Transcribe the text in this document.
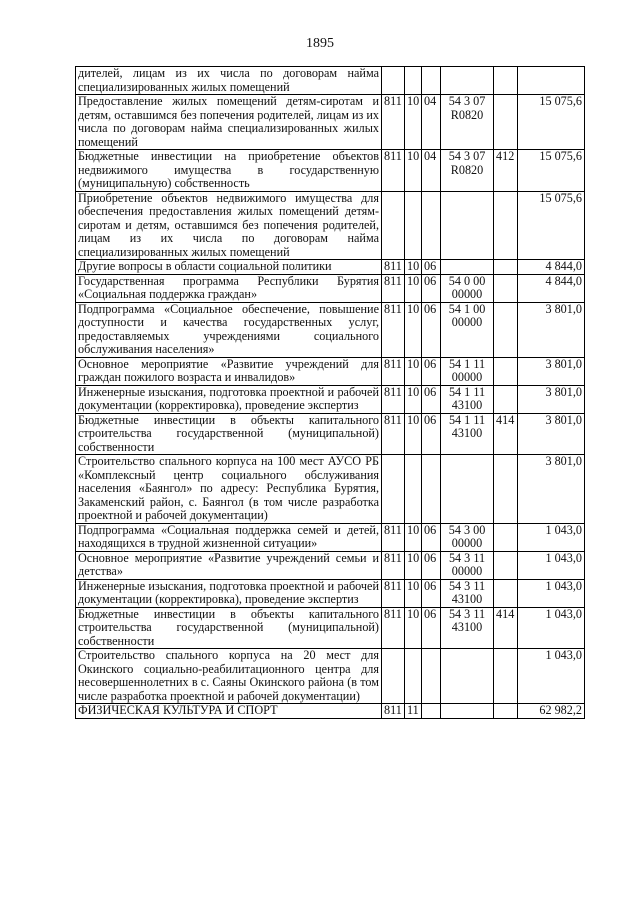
1895
дителей, лицам из их числа по договорам найма специализированных жилых помещений						
Предоставление жилых помещений детям-сиротам и детям, оставшимся без попечения родителей, лицам из их числа по договорам найма специализированных жилых помещений	811	10	04	54 3 07 R0820		15 075,6
Бюджетные инвестиции на приобретение объектов недвижимого имущества в государственную (муниципальную) собственность	811	10	04	54 3 07 R0820	412	15 075,6
Приобретение объектов недвижимого имущества для обеспечения предоставления жилых помещений детям-сиротам и детям, оставшимся без попечения родителей, лицам из их числа по договорам найма специализированных жилых помещений						15 075,6
Другие вопросы в области социальной политики	811	10	06			4 844,0
Государственная программа Республики Бурятия «Социальная поддержка граждан»	811	10	06	54 0 00 00000		4 844,0
Подпрограмма «Социальное обеспечение, повышение доступности и качества государственных услуг, предоставляемых учреждениями социального обслуживания населения»	811	10	06	54 1 00 00000		3 801,0
Основное мероприятие «Развитие учреждений для граждан пожилого возраста и инвалидов»	811	10	06	54 1 11 00000		3 801,0
Инженерные изыскания, подготовка проектной и рабочей документации (корректировка), проведение экспертиз	811	10	06	54 1 11 43100		3 801,0
Бюджетные инвестиции в объекты капитального строительства государственной (муниципальной) собственности	811	10	06	54 1 11 43100	414	3 801,0
Строительство спального корпуса на 100 мест АУСО РБ «Комплексный центр социального обслуживания населения «Баянгол» по адресу: Республика Бурятия, Закаменский район, с. Баянгол (в том числе разработка проектной и рабочей документации)						3 801,0
Подпрограмма «Социальная поддержка семей и детей, находящихся в трудной жизненной ситуации»	811	10	06	54 3 00 00000		1 043,0
Основное мероприятие «Развитие учреждений семьи и детства»	811	10	06	54 3 11 00000		1 043,0
Инженерные изыскания, подготовка проектной и рабочей документации (корректировка), проведение экспертиз	811	10	06	54 3 11 43100		1 043,0
Бюджетные инвестиции в объекты капитального строительства государственной (муниципальной) собственности	811	10	06	54 3 11 43100	414	1 043,0
Строительство спального корпуса на 20 мест для Окинского социально-реабилитационного центра для несовершеннолетних в с. Саяны Окинского района (в том числе разработка проектной и рабочей документации)						1 043,0
ФИЗИЧЕСКАЯ КУЛЬТУРА И СПОРТ	811	11				62 982,2
